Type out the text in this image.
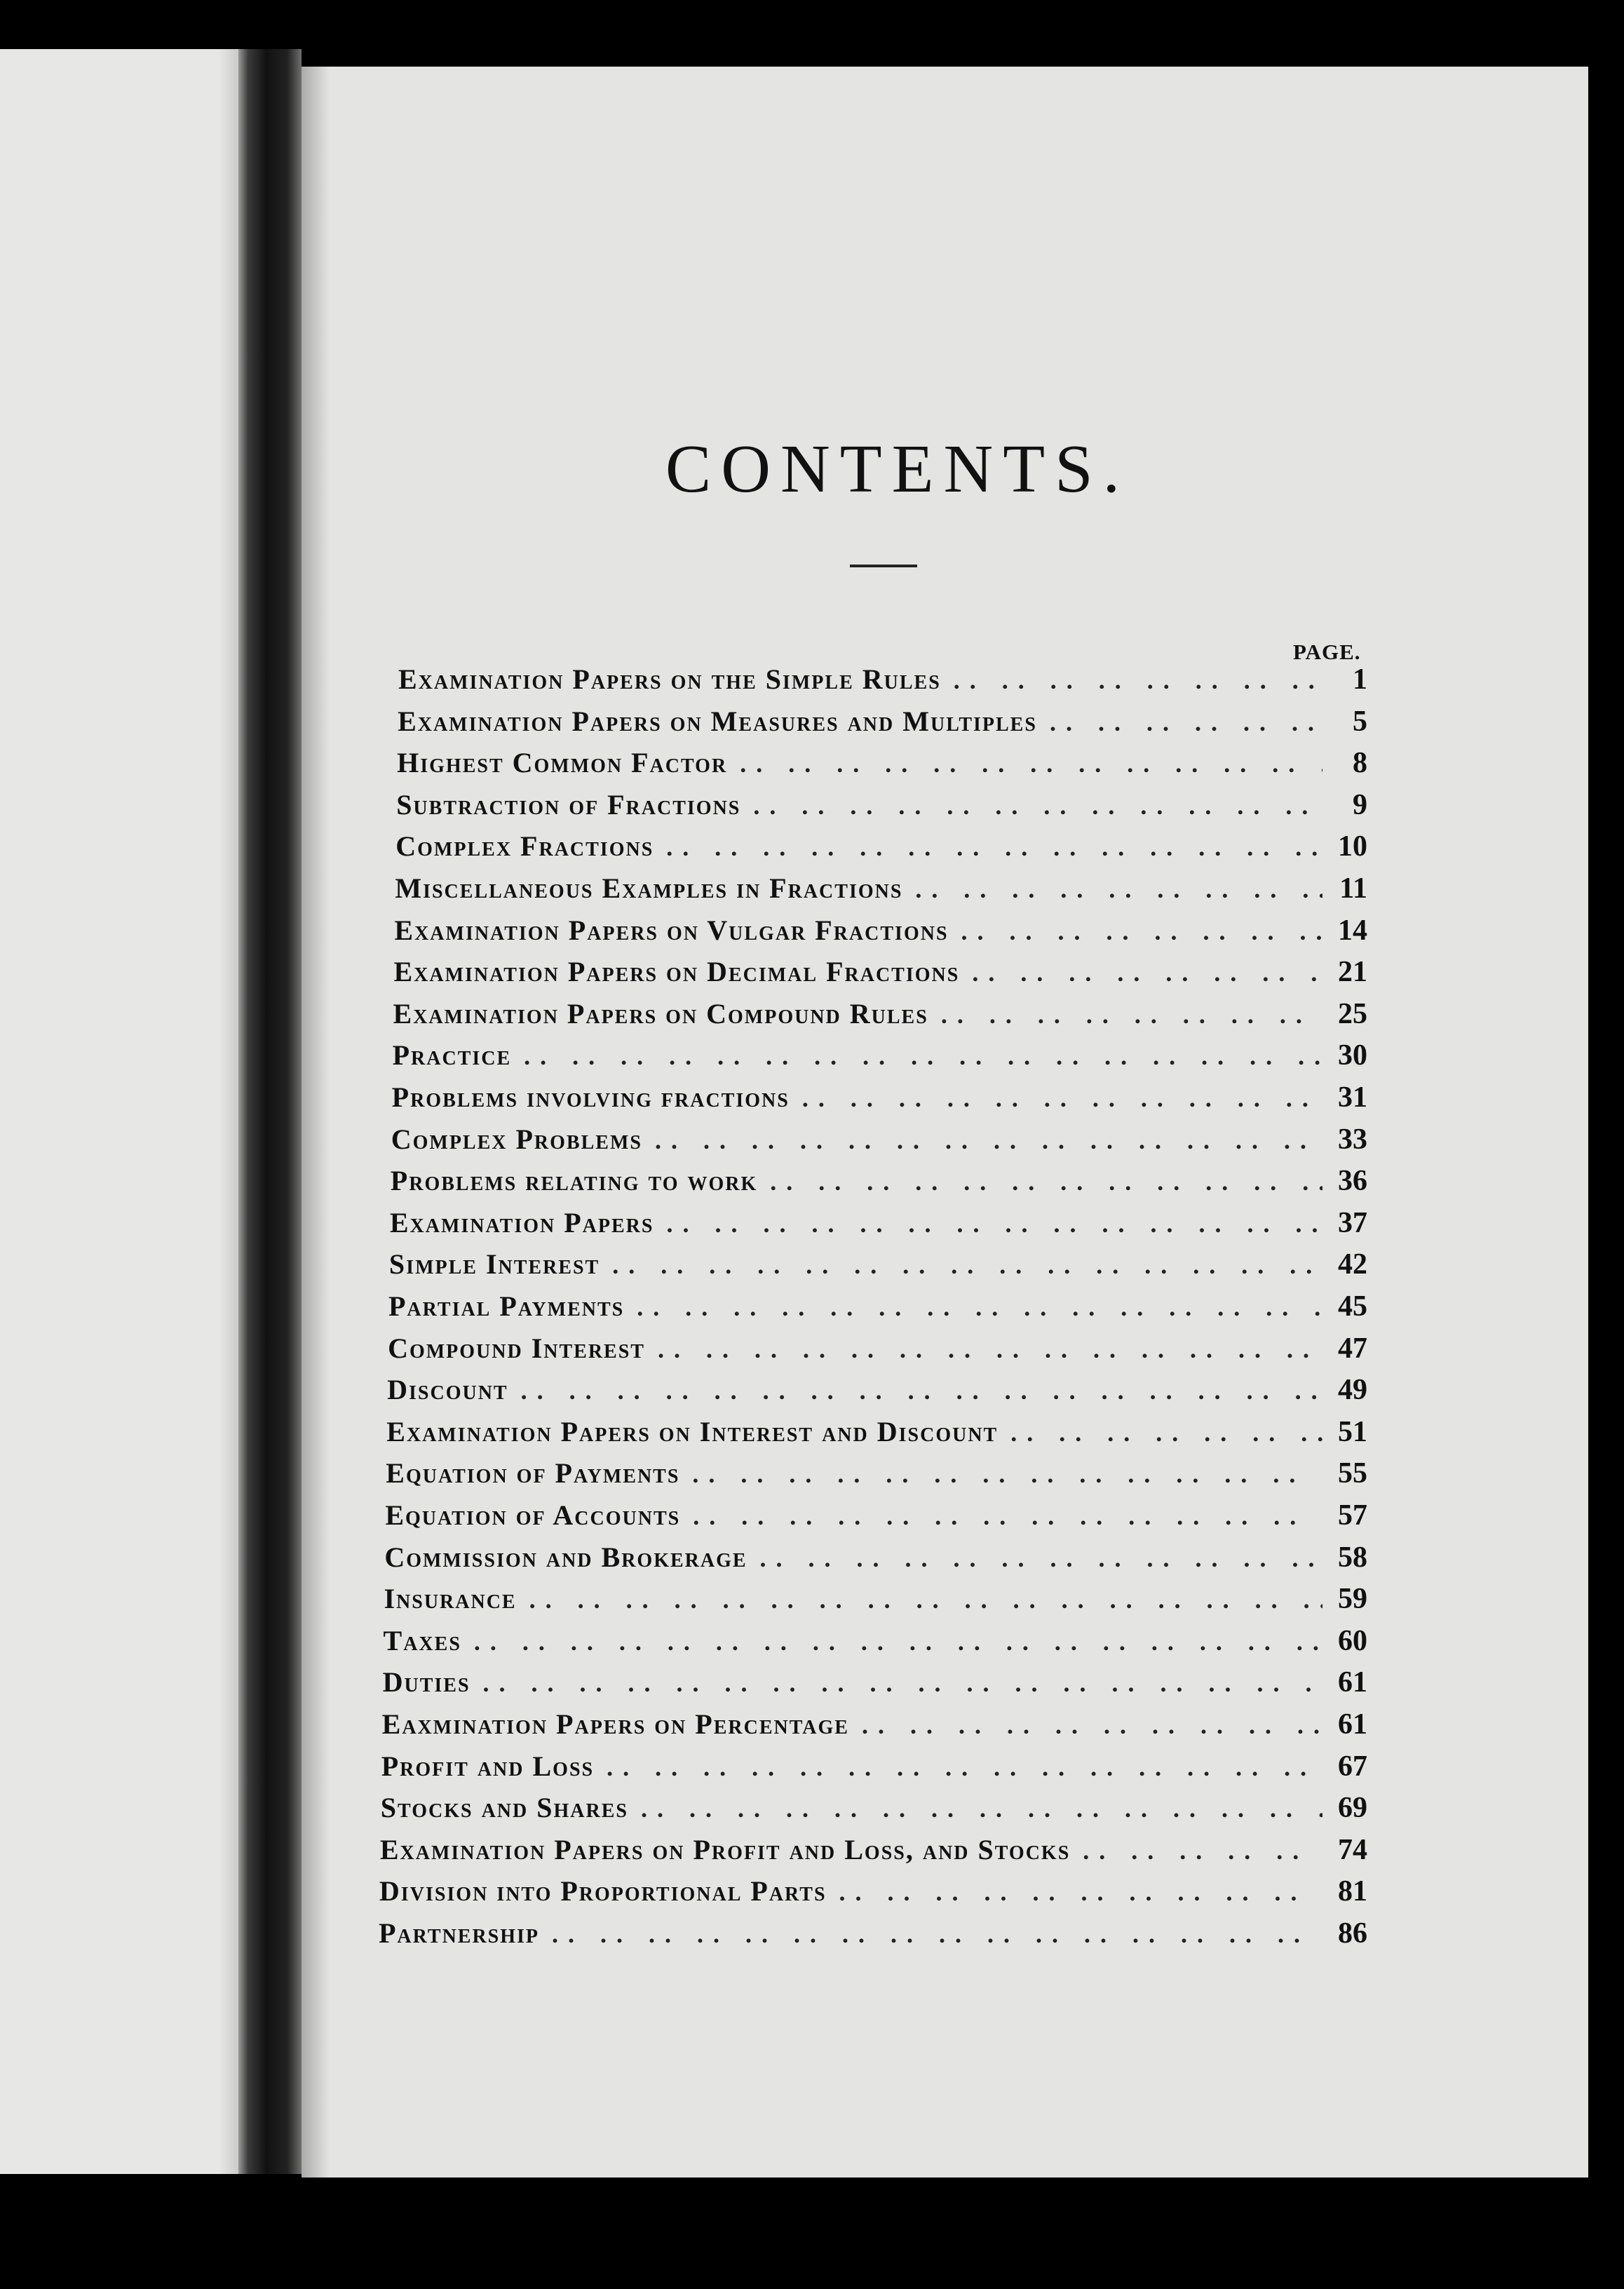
CONTENTS.
PAGE.
Examination Papers on the Simple Rules .. ..	1
Examination Papers on Measures and Multiples .. ..	5
Highest Common Factor .. ..	8
Subtraction of Fractions .. ..	9
Complex Fractions .. ..	10
Miscellaneous Examples in Fractions .. ..	11
Examination Papers on Vulgar Fractions .. ..	14
Examination Papers on Decimal Fractions .. ..	21
Examination Papers on Compound Rules .. ..	25
Practice .. ..	30
Problems involving fractions .. ..	31
Complex Problems .. ..	33
Problems relating to work .. ..	36
Examination Papers .. ..	37
Simple Interest .. ..	42
Partial Payments .. ..	45
Compound Interest .. ..	47
Discount .. ..	49
Examination Papers on Interest and Discount .. ..	51
Equation of Payments .. ..	55
Equation of Accounts .. ..	57
Commission and Brokerage .. ..	58
Insurance .. ..	59
Taxes .. ..	60
Duties .. ..	61
Eaxmination Papers on Percentage .. ..	61
Profit and Loss .. ..	67
Stocks and Shares .. ..	69
Examination Papers on Profit and Loss, and Stocks .. ..	74
Division into Proportional Parts .. ..	81
Partnership .. ..	86
